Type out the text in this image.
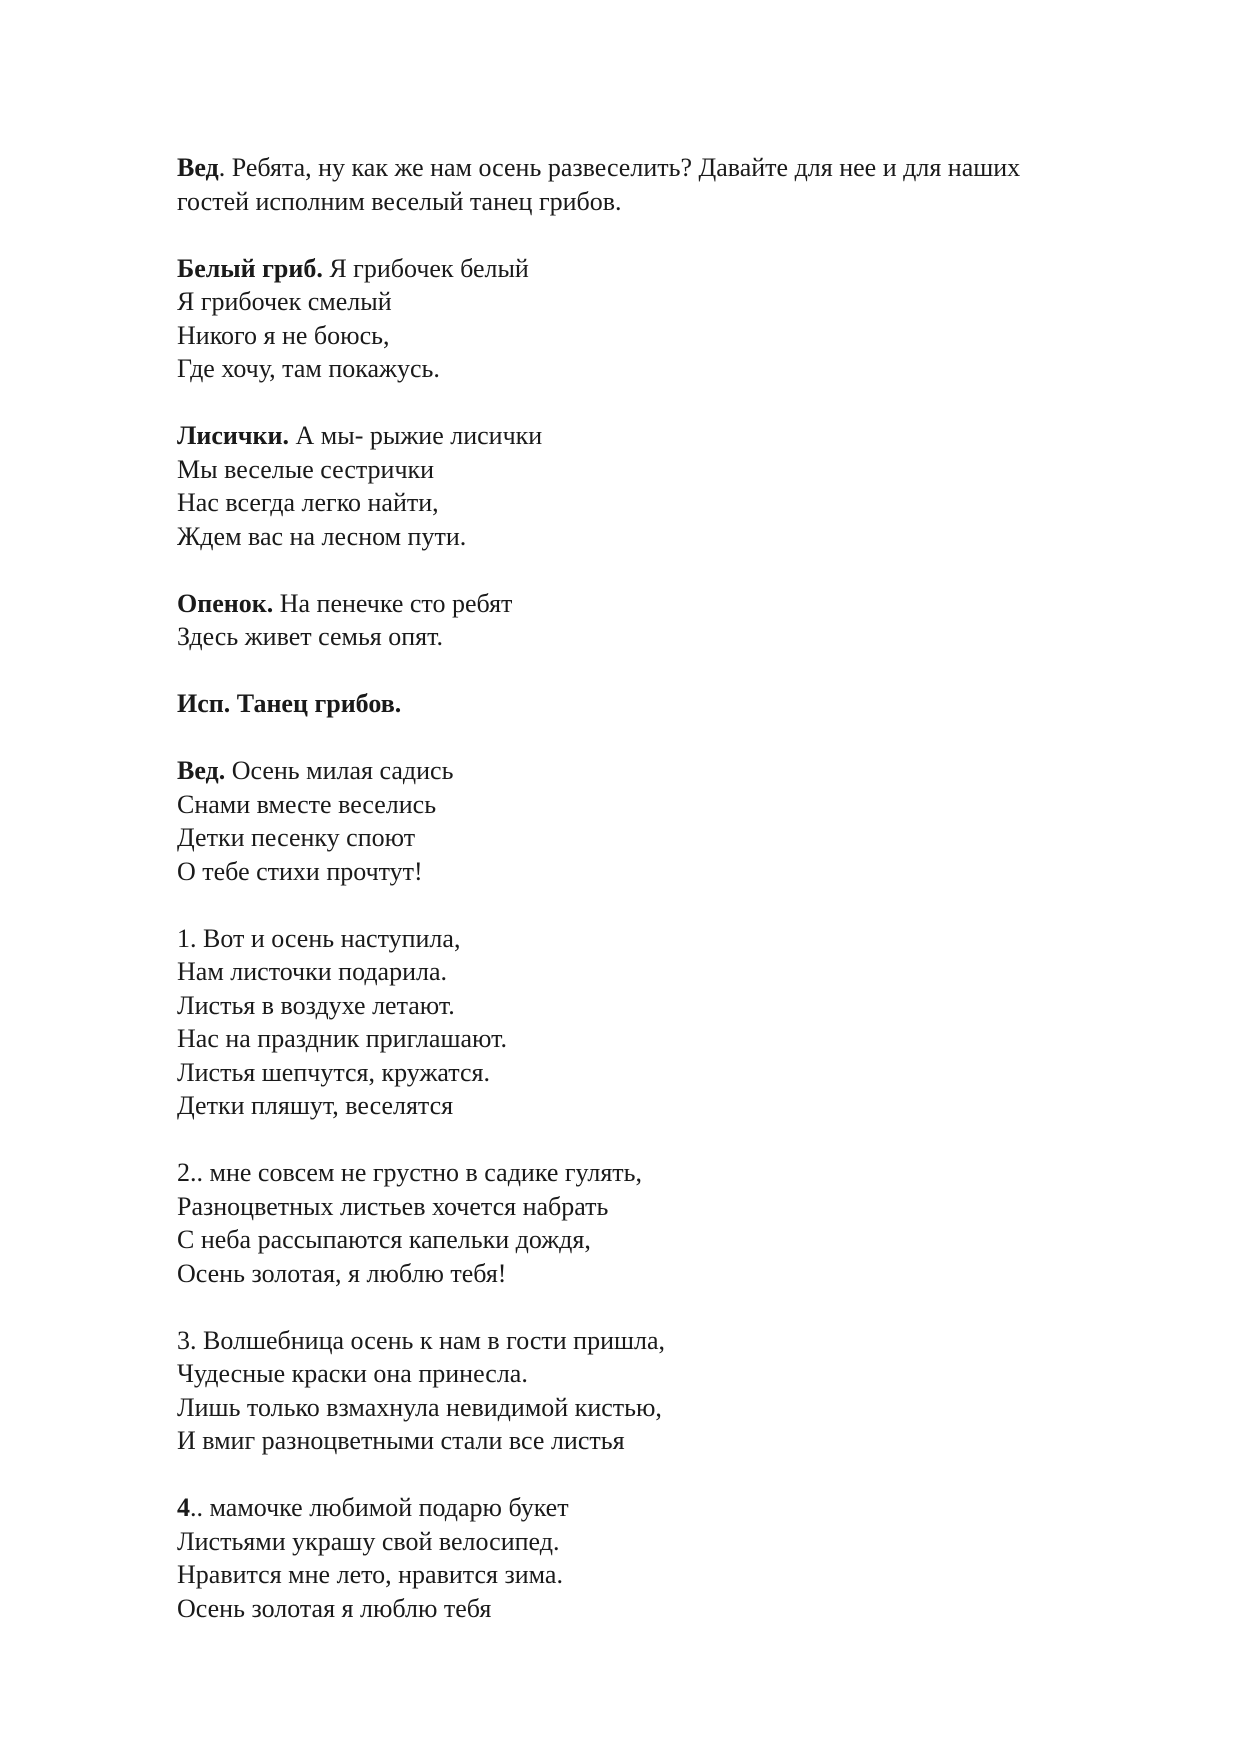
Вед. Ребята, ну как же нам осень развеселить? Давайте для нее и для наших
гостей исполним веселый танец грибов.
Белый гриб. Я грибочек белый
Я грибочек смелый
Никого я не боюсь,
Где хочу, там покажусь.
Лисички. А мы- рыжие лисички
Мы веселые сестрички
Нас всегда легко найти,
Ждем вас на лесном пути.
Опенок. На пенечке сто ребят
Здесь живет семья опят.
Исп. Танец грибов.
Вед. Осень милая садись
Снами вместе веселись
Детки песенку споют
О тебе стихи прочтут!
1. Вот и осень наступила,
Нам листочки подарила.
Листья в воздухе летают.
Нас на праздник приглашают.
Листья шепчутся, кружатся.
Детки пляшут, веселятся
2.. мне совсем не грустно в садике гулять,
Разноцветных листьев хочется набрать
С неба рассыпаются капельки дождя,
Осень золотая, я люблю тебя!
3. Волшебница осень к нам в гости пришла,
Чудесные краски она принесла.
Лишь только взмахнула невидимой кистью,
И вмиг разноцветными стали все листья
4.. мамочке любимой подарю букет
Листьями украшу свой велосипед.
Нравится мне лето, нравится зима.
Осень золотая я люблю тебя
